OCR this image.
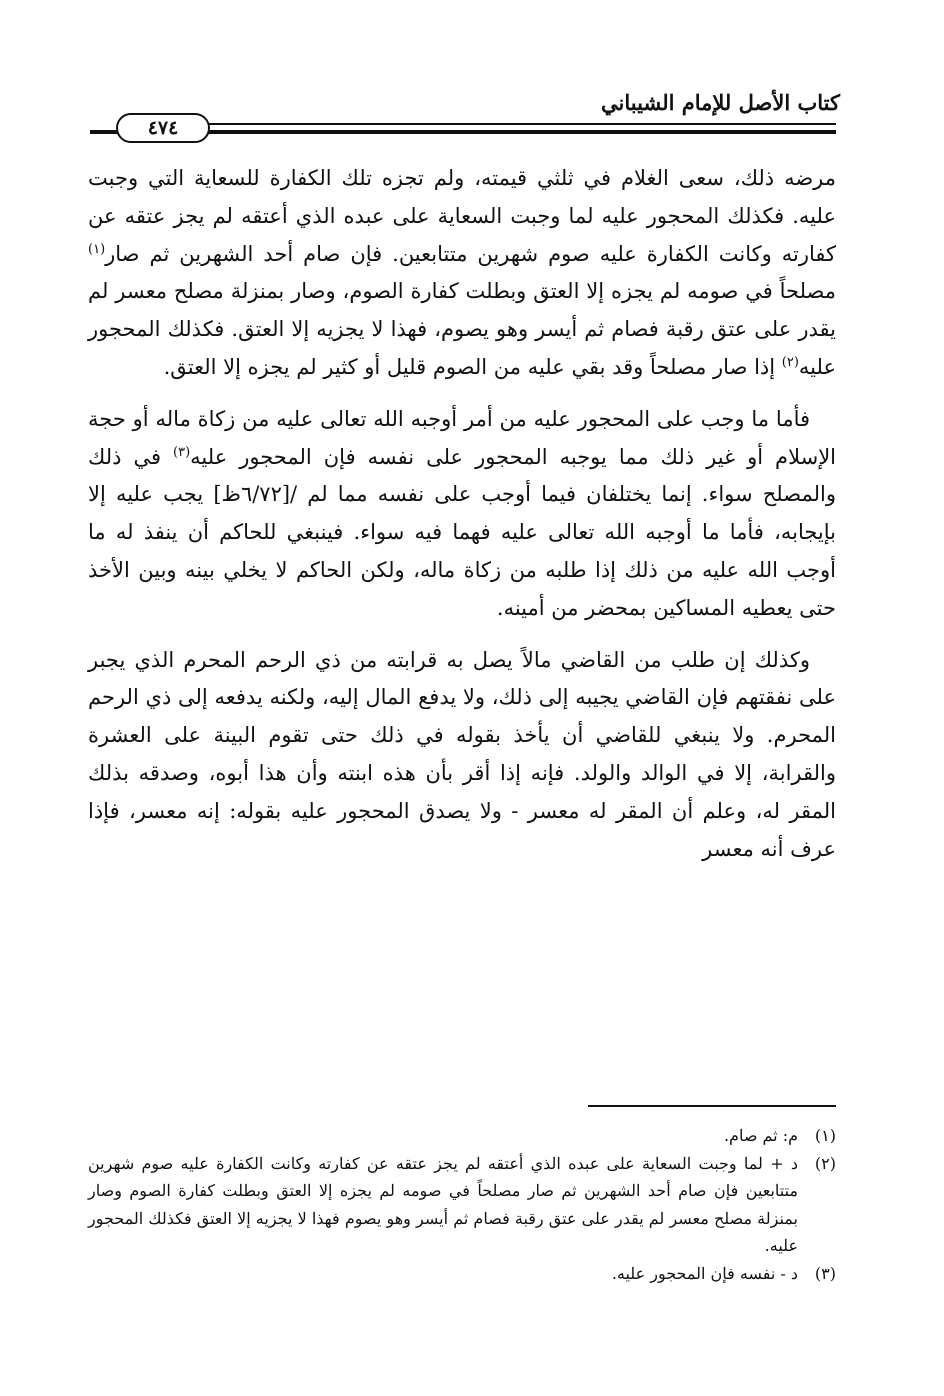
كتاب الأصل للإمام الشيباني
٤٧٤

مرضه ذلك، سعى الغلام في ثلثي قيمته، ولم تجزه تلك الكفارة للسعاية التي وجبت عليه. فكذلك المحجور عليه لما وجبت السعاية على عبده الذي أعتقه لم يجز عتقه عن كفارته وكانت الكفارة عليه صوم شهرين متتابعين. فإن صام أحد الشهرين ثم صار$^{(١)}$ مصلحاً في صومه لم يجزه إلا العتق وبطلت كفارة الصوم، وصار بمنزلة مصلح معسر لم يقدر على عتق رقبة فصام ثم أيسر وهو يصوم، فهذا لا يجزيه إلا العتق. فكذلك المحجور عليه$^{(٢)}$ إذا صار مصلحاً وقد بقي عليه من الصوم قليل أو كثير لم يجزه إلا العتق.

فأما ما وجب على المحجور عليه من أمر أوجبه الله تعالى عليه من زكاة ماله أو حجة الإسلام أو غير ذلك مما يوجبه المحجور على نفسه فإن المحجور عليه$^{(٣)}$ في ذلك والمصلح سواء. إنما يختلفان فيما أوجب على نفسه مما لم /[٦/٧٢ظ] يجب عليه إلا بإيجابه، فأما ما أوجبه الله تعالى عليه فهما فيه سواء. فينبغي للحاكم أن ينفذ له ما أوجب الله عليه من ذلك إذا طلبه من زكاة ماله، ولكن الحاكم لا يخلي بينه وبين الأخذ حتى يعطيه المساكين بمحضر من أمينه.

وكذلك إن طلب من القاضي مالاً يصل به قرابته من ذي الرحم المحرم الذي يجبر على نفقتهم فإن القاضي يجيبه إلى ذلك، ولا يدفع المال إليه، ولكنه يدفعه إلى ذي الرحم المحرم. ولا ينبغي للقاضي أن يأخذ بقوله في ذلك حتى تقوم البينة على العشرة والقرابة، إلا في الوالد والولد. فإنه إذا أقر بأن هذه ابنته وأن هذا أبوه، وصدقه بذلك المقر له، وعلم أن المقر له معسر - ولا يصدق المحجور عليه بقوله: إنه معسر، فإذا عرف أنه معسر

(١)
م: ثم صام.
(٢)
د + لما وجبت السعاية على عبده الذي أعتقه لم يجز عتقه عن كفارته وكانت الكفارة عليه صوم شهرين متتابعين فإن صام أحد الشهرين ثم صار مصلحاً في صومه لم يجزه إلا العتق وبطلت كفارة الصوم وصار بمنزلة مصلح معسر لم يقدر على عتق رقبة فصام ثم أيسر وهو يصوم فهذا لا يجزيه إلا العتق فكذلك المحجور عليه.
(٣)
د - نفسه فإن المحجور عليه.
